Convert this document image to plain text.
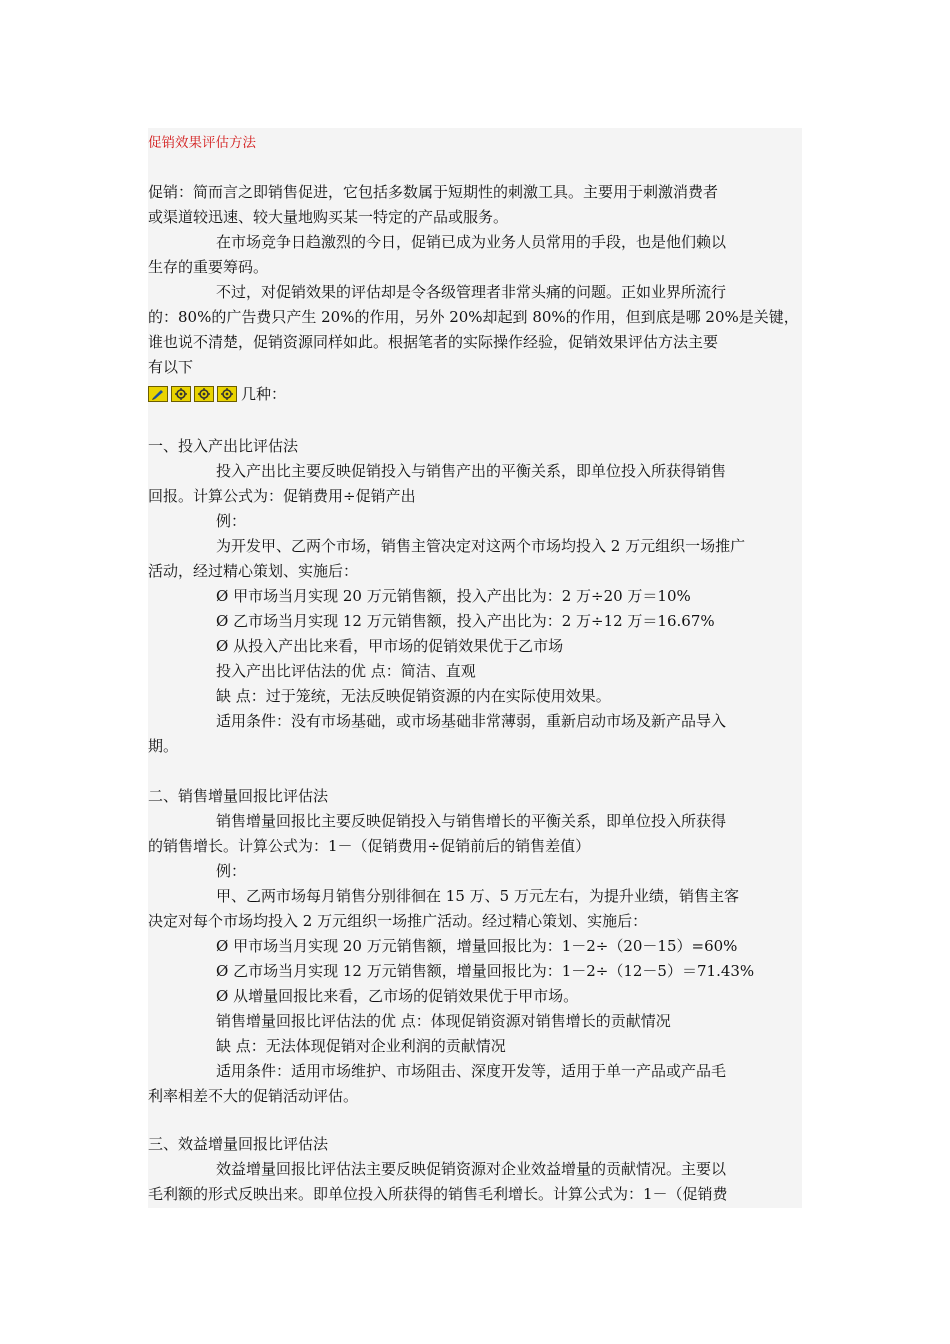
促销效果评估方法
促销：简而言之即销售促进，它包括多数属于短期性的刺激工具。主要用于刺激消费者
或渠道较迅速、较大量地购买某一特定的产品或服务。
在市场竞争日趋激烈的今日，促销已成为业务人员常用的手段，也是他们赖以
生存的重要筹码。
不过，对促销效果的评估却是令各级管理者非常头痛的问题。正如业界所流行
的：80%的广告费只产生 20%的作用，另外 20%却起到 80%的作用，但到底是哪 20%是关键，
谁也说不清楚，促销资源同样如此。根据笔者的实际操作经验，促销效果评估方法主要
有以下
几种：
一、投入产出比评估法
投入产出比主要反映促销投入与销售产出的平衡关系，即单位投入所获得销售
回报。计算公式为：促销费用÷促销产出
例：
为开发甲、乙两个市场，销售主管决定对这两个市场均投入 2 万元组织一场推广
活动，经过精心策划、实施后：
Ø 甲市场当月实现 20 万元销售额，投入产出比为：2 万÷20 万＝10%
Ø 乙市场当月实现 12 万元销售额，投入产出比为：2 万÷12 万＝16.67%
Ø 从投入产出比来看，甲市场的促销效果优于乙市场
投入产出比评估法的优 点：简洁、直观
缺 点：过于笼统，无法反映促销资源的内在实际使用效果。
适用条件：没有市场基础，或市场基础非常薄弱，重新启动市场及新产品导入
期。
二、销售增量回报比评估法
销售增量回报比主要反映促销投入与销售增长的平衡关系，即单位投入所获得
的销售增长。计算公式为：1－（促销费用÷促销前后的销售差值）
例：
甲、乙两市场每月销售分别徘徊在 15 万、5 万元左右，为提升业绩，销售主客
决定对每个市场均投入 2 万元组织一场推广活动。经过精心策划、实施后：
Ø 甲市场当月实现 20 万元销售额，增量回报比为：1－2÷（20－15）=60%
Ø 乙市场当月实现 12 万元销售额，增量回报比为：1－2÷（12－5）＝71.43%
Ø 从增量回报比来看，乙市场的促销效果优于甲市场。
销售增量回报比评估法的优 点：体现促销资源对销售增长的贡献情况
缺 点：无法体现促销对企业利润的贡献情况
适用条件：适用市场维护、市场阻击、深度开发等，适用于单一产品或产品毛
利率相差不大的促销活动评估。
三、效益增量回报比评估法
效益增量回报比评估法主要反映促销资源对企业效益增量的贡献情况。主要以
毛利额的形式反映出来。即单位投入所获得的销售毛利增长。计算公式为：1－（促销费
